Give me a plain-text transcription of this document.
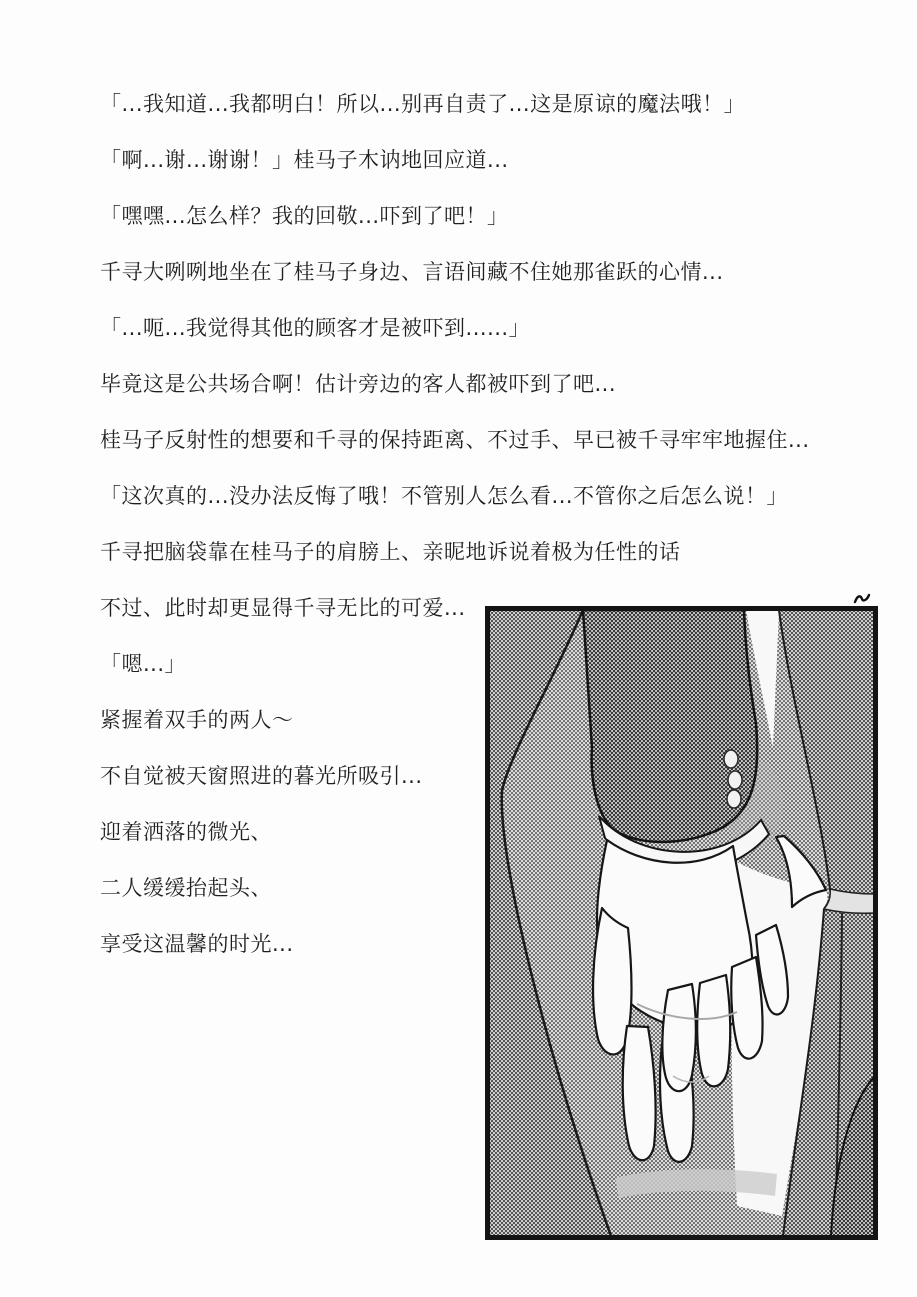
「...我知道...我都明白！所以...别再自责了...这是原谅的魔法哦！」
「啊...谢...谢谢！」桂马子木讷地回应道...
「嘿嘿...怎么样？我的回敬...吓到了吧！」
千寻大咧咧地坐在了桂马子身边、言语间藏不住她那雀跃的心情...
「...呃...我觉得其他的顾客才是被吓到......」
毕竟这是公共场合啊！估计旁边的客人都被吓到了吧...
桂马子反射性的想要和千寻的保持距离、不过手、早已被千寻牢牢地握住...
「这次真的...没办法反悔了哦！不管别人怎么看...不管你之后怎么说！」
千寻把脑袋靠在桂马子的肩膀上、亲昵地诉说着极为任性的话
不过、此时却更显得千寻无比的可爱...
「嗯...」
紧握着双手的两人～
不自觉被天窗照进的暮光所吸引...
迎着洒落的微光、
二人缓缓抬起头、
享受这温馨的时光...
